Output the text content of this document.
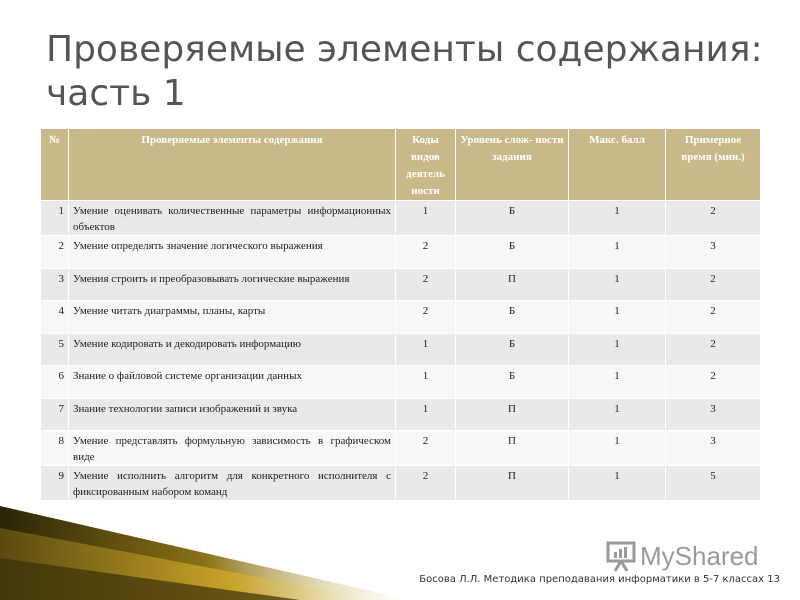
Проверяемые элементы содержания:
часть 1
№	Проверяемые элементы содержания	Коды видов деятель ности	Уровень слож- ности задания	Макс. балл	Примерное время (мин.)
1	Умение оценивать количественные параметры информационных объектов	1	Б	1	2
2	Умение определять значение логического выражения	2	Б	1	3
3	Умения строить и преобразовывать логические выражения	2	П	1	2
4	Умение читать диаграммы, планы, карты	2	Б	1	2
5	Умение кодировать и декодировать информацию	1	Б	1	2
6	Знание о файловой системе организации данных	1	Б	1	2
7	Знание технологии записи изображений и звука	1	П	1	3
8	Умение представлять формульную зависимость в графическом виде	2	П	1	3
9	Умение исполнить алгоритм для конкретного исполнителя с фиксированным набором команд	2	П	1	5
MyShared
Босова Л.Л. Методика преподавания информатики в 5-7 классах 13
